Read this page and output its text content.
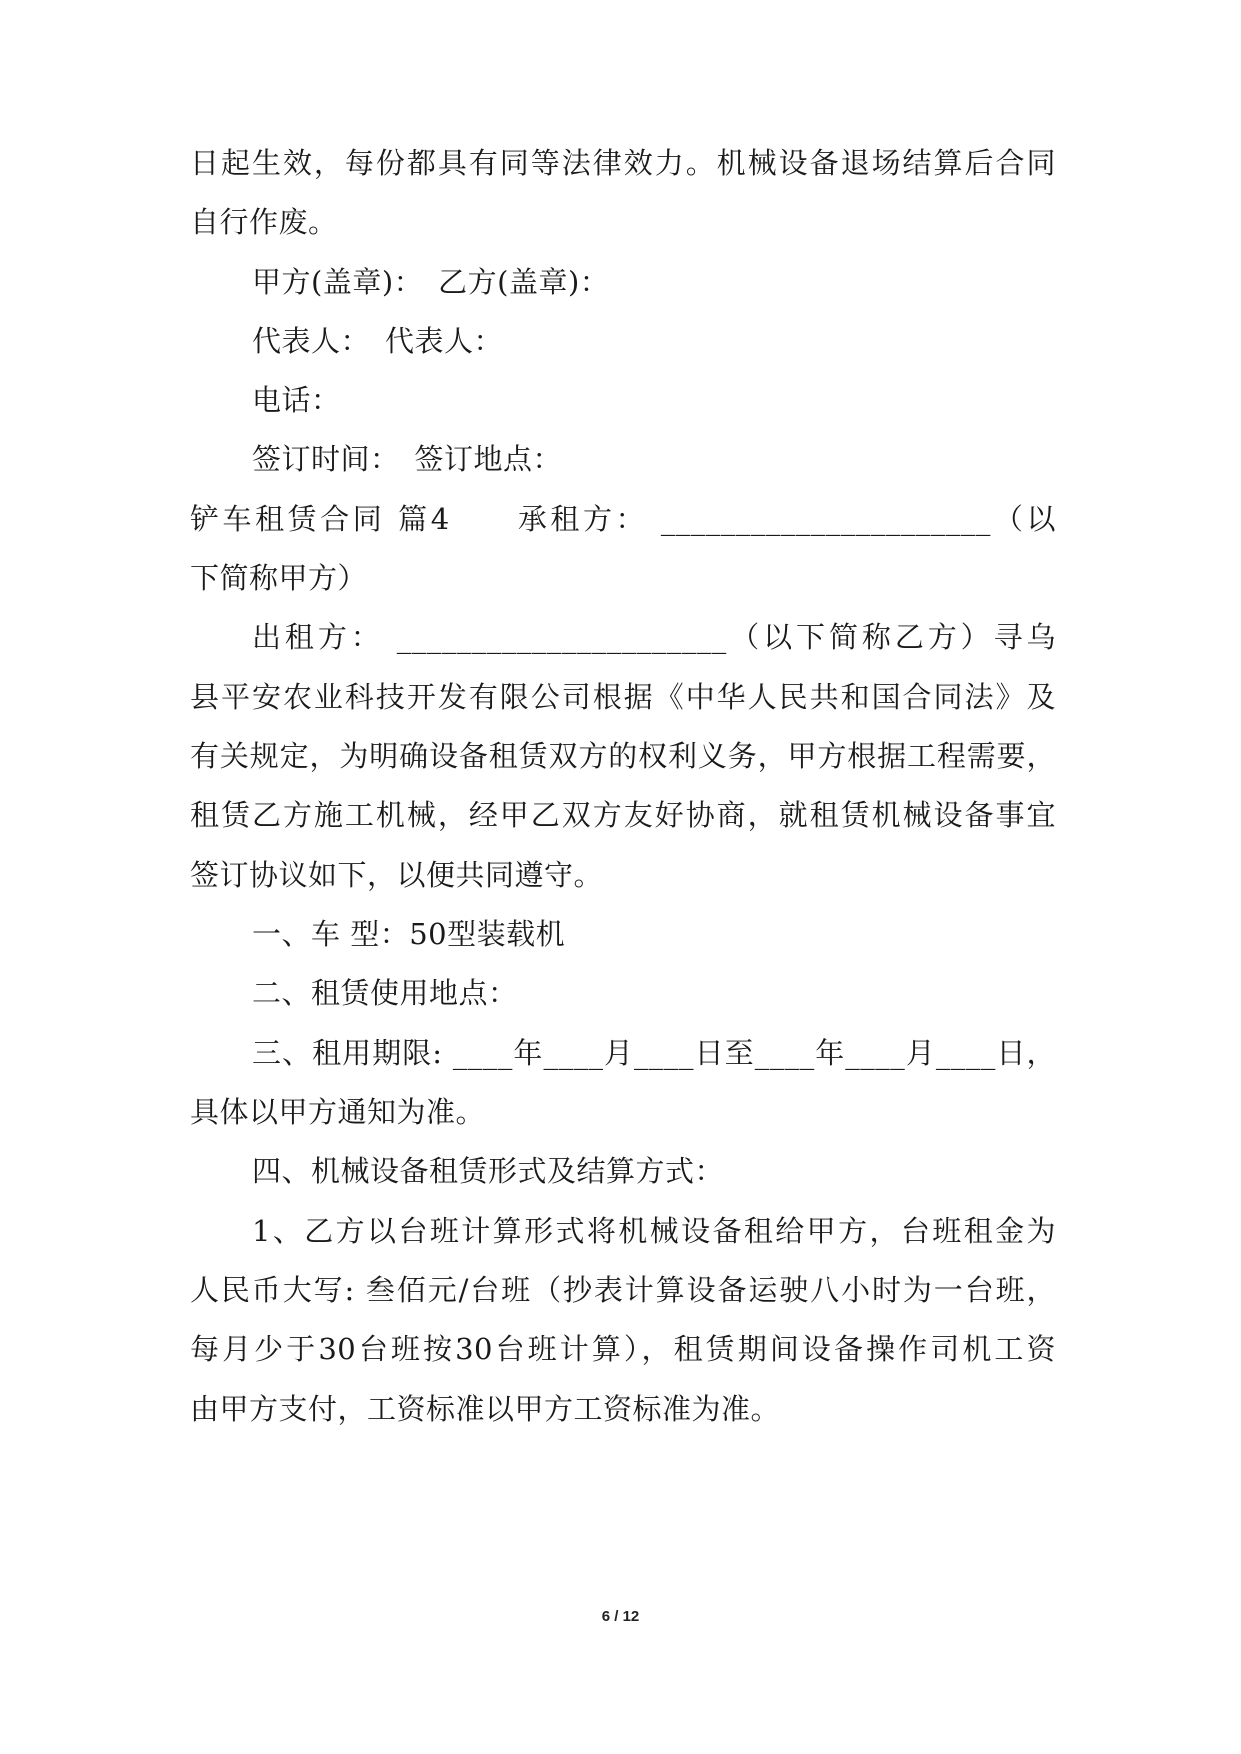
日起生效，每份都具有同等法律效力。机械设备退场结算后合同
自行作废。
甲方(盖章)：　乙方(盖章)：
代表人：　代表人：
电话：
签订时间：　签订地点：
铲车租赁合同 篇4　　承租方： ______________________（以
下简称甲方）
出租方： ______________________（以下简称乙方）寻乌
县平安农业科技开发有限公司根据《中华人民共和国合同法》及
有关规定，为明确设备租赁双方的权利义务，甲方根据工程需要，
租赁乙方施工机械，经甲乙双方友好协商，就租赁机械设备事宜
签订协议如下，以便共同遵守。
一、车 型：50型装载机
二、租赁使用地点：
三、租用期限: ____年____月____日至____年____月____日，
具体以甲方通知为准。
四、机械设备租赁形式及结算方式：
1、乙方以台班计算形式将机械设备租给甲方，台班租金为
人民币大写: 叁佰元/台班（抄表计算设备运驶八小时为一台班，
每月少于30台班按30台班计算），租赁期间设备操作司机工资
由甲方支付，工资标准以甲方工资标准为准。
6 / 12
